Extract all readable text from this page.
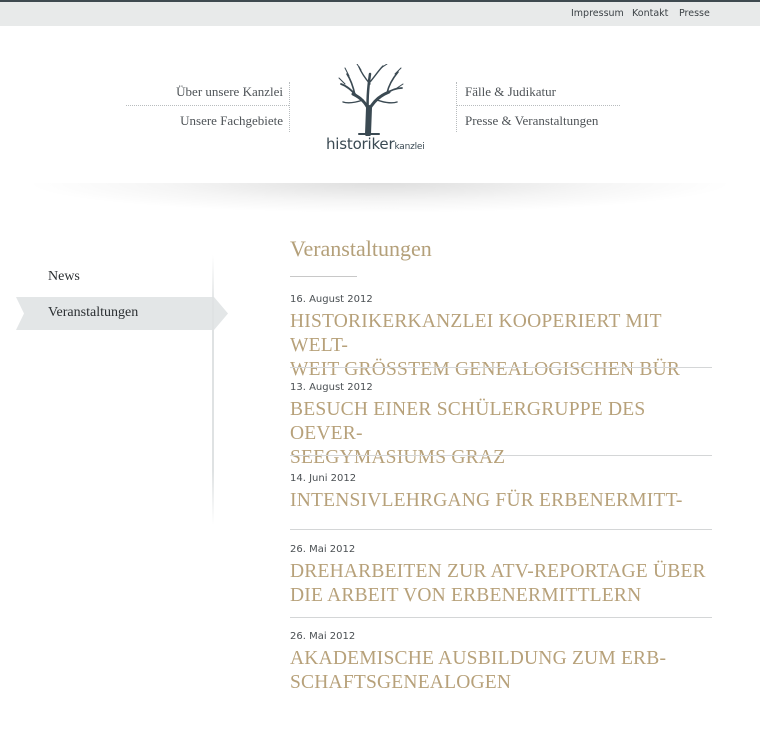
Impressum Kontakt Presse
Über unsere Kanzlei
Unsere Fachgebiete
historikerkanzlei
Fälle & Judikatur
Presse & Veranstaltungen
News
Veranstaltungen
Veranstaltungen
16. August 2012
HISTORIKERKANZLEI KOOPERIERT MIT WELT-
WEIT GRÖSSTEM GENEALOGISCHEN BÜR
13. August 2012
BESUCH EINER SCHÜLERGRUPPE DES OEVER-
SEEGYMASIUMS GRAZ
14. Juni 2012
INTENSIVLEHRGANG FÜR ERBENERMITT-
26. Mai 2012
DREHARBEITEN ZUR ATV-REPORTAGE ÜBER
DIE ARBEIT VON ERBENERMITTLERN
26. Mai 2012
AKADEMISCHE AUSBILDUNG ZUM ERB-
SCHAFTSGENEALOGEN
